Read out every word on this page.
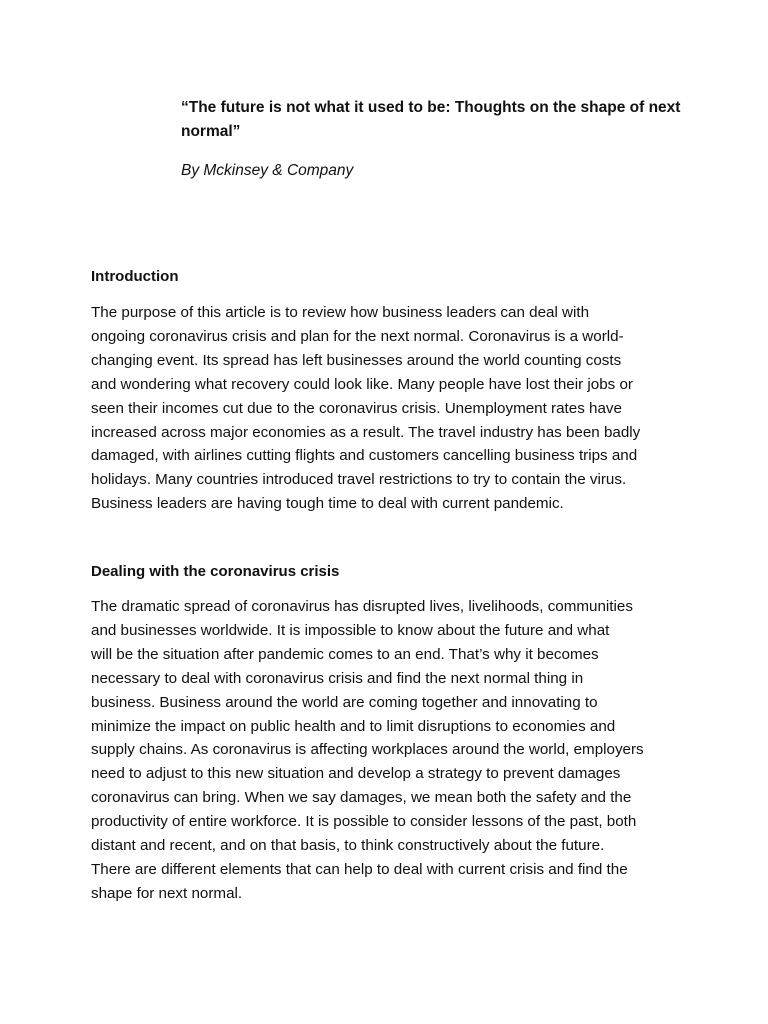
“The future is not what it used to be: Thoughts on the shape of next
normal”

By Mckinsey & Company

Introduction

The purpose of this article is to review how business leaders can deal with
ongoing coronavirus crisis and plan for the next normal. Coronavirus is a world-
changing event. Its spread has left businesses around the world counting costs
and wondering what recovery could look like. Many people have lost their jobs or
seen their incomes cut due to the coronavirus crisis. Unemployment rates have
increased across major economies as a result. The travel industry has been badly
damaged, with airlines cutting flights and customers cancelling business trips and
holidays. Many countries introduced travel restrictions to try to contain the virus.
Business leaders are having tough time to deal with current pandemic.

Dealing with the coronavirus crisis

The dramatic spread of coronavirus has disrupted lives, livelihoods, communities
and businesses worldwide. It is impossible to know about the future and what
will be the situation after pandemic comes to an end. That’s why it becomes
necessary to deal with coronavirus crisis and find the next normal thing in
business. Business around the world are coming together and innovating to
minimize the impact on public health and to limit disruptions to economies and
supply chains. As coronavirus is affecting workplaces around the world, employers
need to adjust to this new situation and develop a strategy to prevent damages
coronavirus can bring. When we say damages, we mean both the safety and the
productivity of entire workforce. It is possible to consider lessons of the past, both
distant and recent, and on that basis, to think constructively about the future.
There are different elements that can help to deal with current crisis and find the
shape for next normal.
